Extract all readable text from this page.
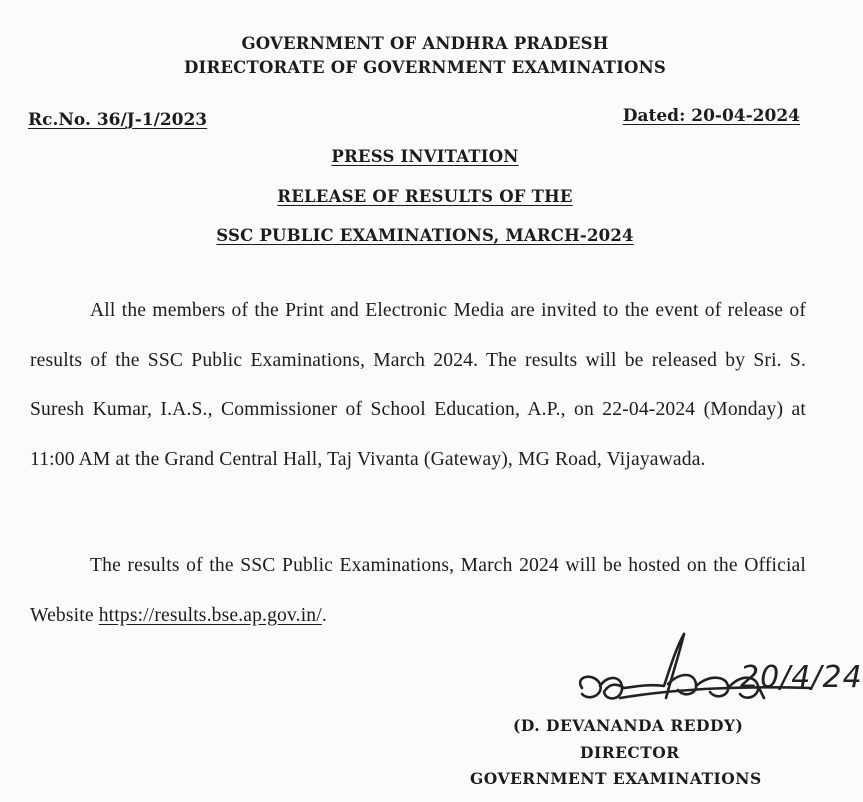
GOVERNMENT OF ANDHRA PRADESH
DIRECTORATE OF GOVERNMENT EXAMINATIONS
Rc.No. 36/J-1/2023	Dated: 20-04-2024
PRESS INVITATION
RELEASE OF RESULTS OF THE
SSC PUBLIC EXAMINATIONS, MARCH-2024

All the members of the Print and Electronic Media are invited to the event of release of results of the SSC Public Examinations, March 2024. The results will be released by Sri. S. Suresh Kumar, I.A.S., Commissioner of School Education, A.P., on 22-04-2024 (Monday) at 11:00 AM at the Grand Central Hall, Taj Vivanta (Gateway), MG Road, Vijayawada.

The results of the SSC Public Examinations, March 2024 will be hosted on the Official Website https://results.bse.ap.gov.in/.

20/4/24
(D. DEVANANDA REDDY)
DIRECTOR
GOVERNMENT EXAMINATIONS
